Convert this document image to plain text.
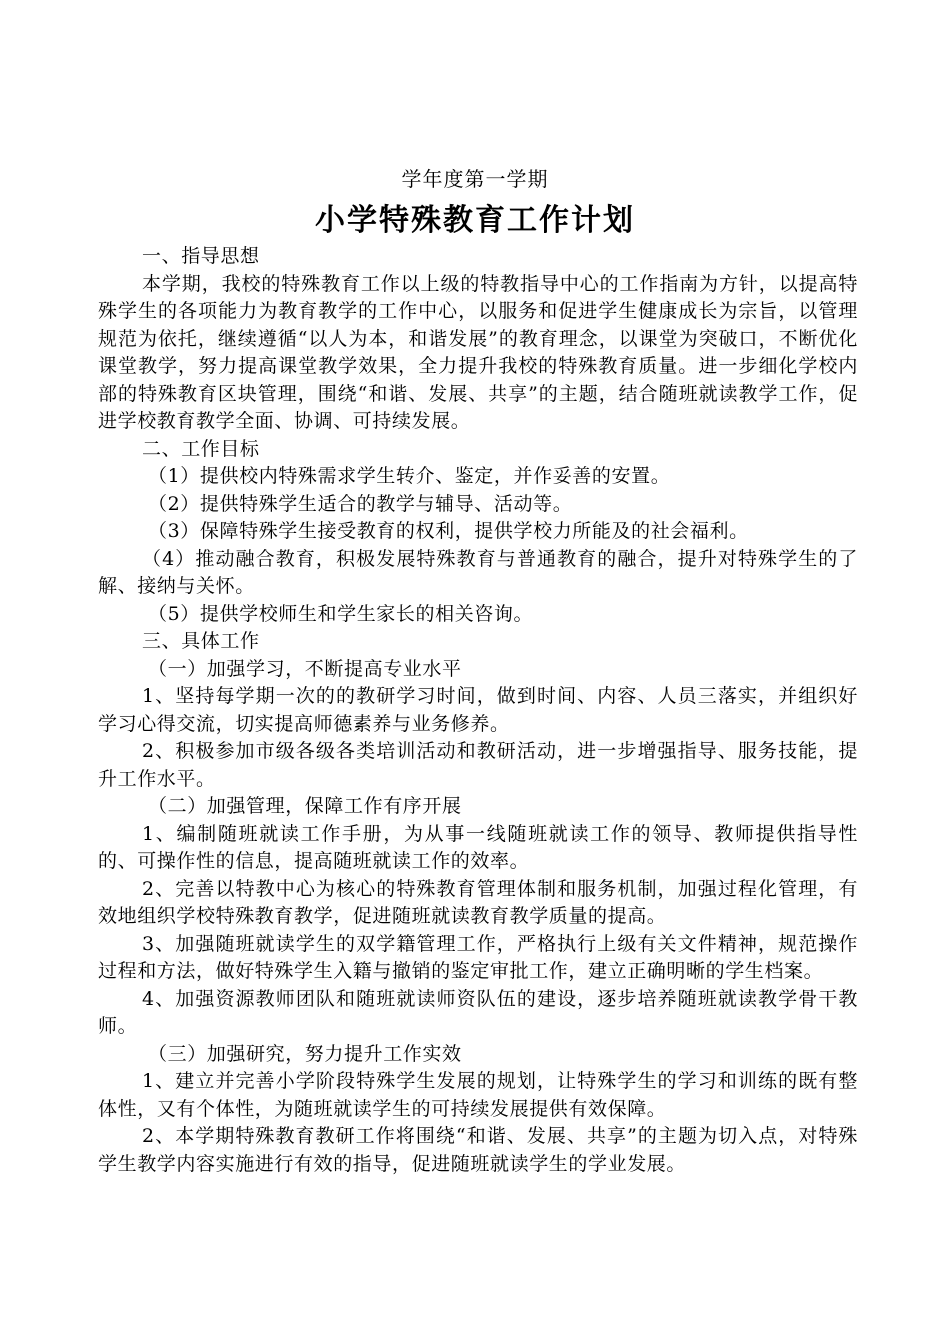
学年度第一学期
小学特殊教育工作计划

一、指导思想

本学期，我校的特殊教育工作以上级的特教指导中心的工作指南为方针，以提高特殊学生的各项能力为教育教学的工作中心，以服务和促进学生健康成长为宗旨，以管理规范为依托，继续遵循“以人为本，和谐发展”的教育理念，以课堂为突破口，不断优化课堂教学，努力提高课堂教学效果，全力提升我校的特殊教育质量。进一步细化学校内部的特殊教育区块管理，围绕“和谐、发展、共享”的主题，结合随班就读教学工作，促进学校教育教学全面、协调、可持续发展。

二、工作目标

（1）提供校内特殊需求学生转介、鉴定，并作妥善的安置。

（2）提供特殊学生适合的教学与辅导、活动等。

（3）保障特殊学生接受教育的权利，提供学校力所能及的社会福利。

（4）推动融合教育，积极发展特殊教育与普通教育的融合，提升对特殊学生的了解、接纳与关怀。

（5）提供学校师生和学生家长的相关咨询。

三、具体工作

（一）加强学习，不断提高专业水平

1、坚持每学期一次的的教研学习时间，做到时间、内容、人员三落实，并组织好学习心得交流，切实提高师德素养与业务修养。

2、积极参加市级各级各类培训活动和教研活动，进一步增强指导、服务技能，提升工作水平。

（二）加强管理，保障工作有序开展

1、编制随班就读工作手册，为从事一线随班就读工作的领导、教师提供指导性的、可操作性的信息，提高随班就读工作的效率。

2、完善以特教中心为核心的特殊教育管理体制和服务机制，加强过程化管理，有效地组织学校特殊教育教学，促进随班就读教育教学质量的提高。

3、加强随班就读学生的双学籍管理工作，严格执行上级有关文件精神，规范操作过程和方法，做好特殊学生入籍与撤销的鉴定审批工作，建立正确明晰的学生档案。

4、加强资源教师团队和随班就读师资队伍的建设，逐步培养随班就读教学骨干教师。

（三）加强研究，努力提升工作实效

1、建立并完善小学阶段特殊学生发展的规划，让特殊学生的学习和训练的既有整体性，又有个体性，为随班就读学生的可持续发展提供有效保障。

2、本学期特殊教育教研工作将围绕“和谐、发展、共享”的主题为切入点，对特殊学生教学内容实施进行有效的指导，促进随班就读学生的学业发展。
